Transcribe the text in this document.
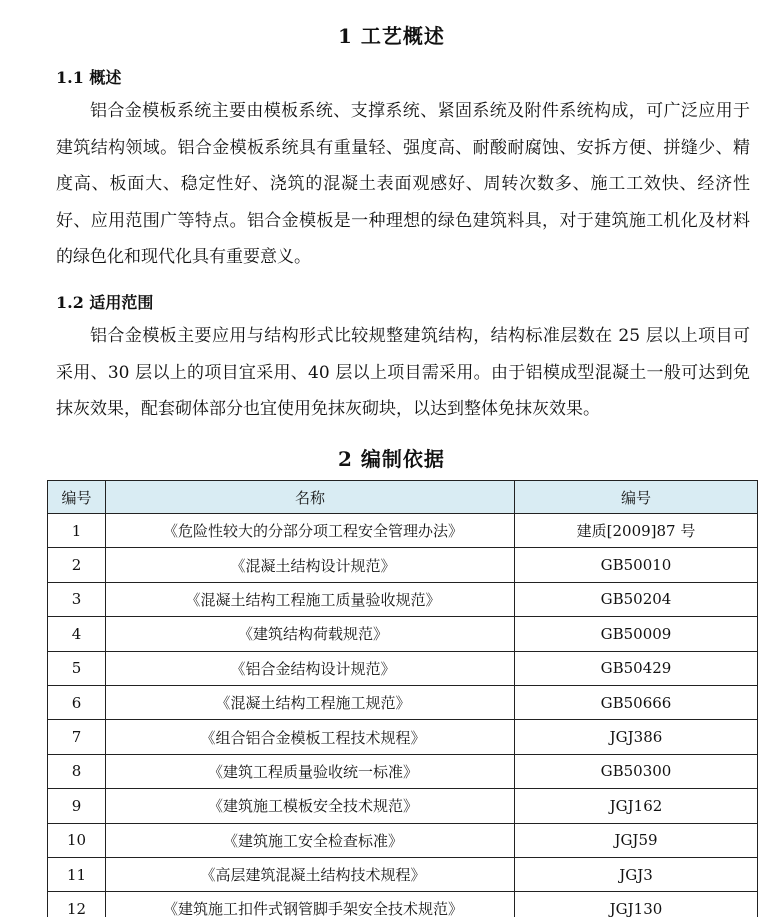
1 工艺概述
1.1 概述

铝合金模板系统主要由模板系统、支撑系统、紧固系统及附件系统构成，可广泛应用于建筑结构领域。铝合金模板系统具有重量轻、强度高、耐酸耐腐蚀、安拆方便、拼缝少、精度高、板面大、稳定性好、浇筑的混凝土表面观感好、周转次数多、施工工效快、经济性好、应用范围广等特点。铝合金模板是一种理想的绿色建筑料具，对于建筑施工机化及材料的绿色化和现代化具有重要意义。

1.2 适用范围

铝合金模板主要应用与结构形式比较规整建筑结构，结构标准层数在 25 层以上项目可采用、30 层以上的项目宜采用、40 层以上项目需采用。由于铝模成型混凝土一般可达到免抹灰效果，配套砌体部分也宜使用免抹灰砌块，以达到整体免抹灰效果。

2 编制依据
编号	名称	编号
1	《危险性较大的分部分项工程安全管理办法》	建质[2009]87 号
2	《混凝土结构设计规范》	GB50010
3	《混凝土结构工程施工质量验收规范》	GB50204
4	《建筑结构荷载规范》	GB50009
5	《铝合金结构设计规范》	GB50429
6	《混凝土结构工程施工规范》	GB50666
7	《组合铝合金模板工程技术规程》	JGJ386
8	《建筑工程质量验收统一标准》	GB50300
9	《建筑施工模板安全技术规范》	JGJ162
10	《建筑施工安全检查标准》	JGJ59
11	《高层建筑混凝土结构技术规程》	JGJ3
12	《建筑施工扣件式钢管脚手架安全技术规范》	JGJ130
